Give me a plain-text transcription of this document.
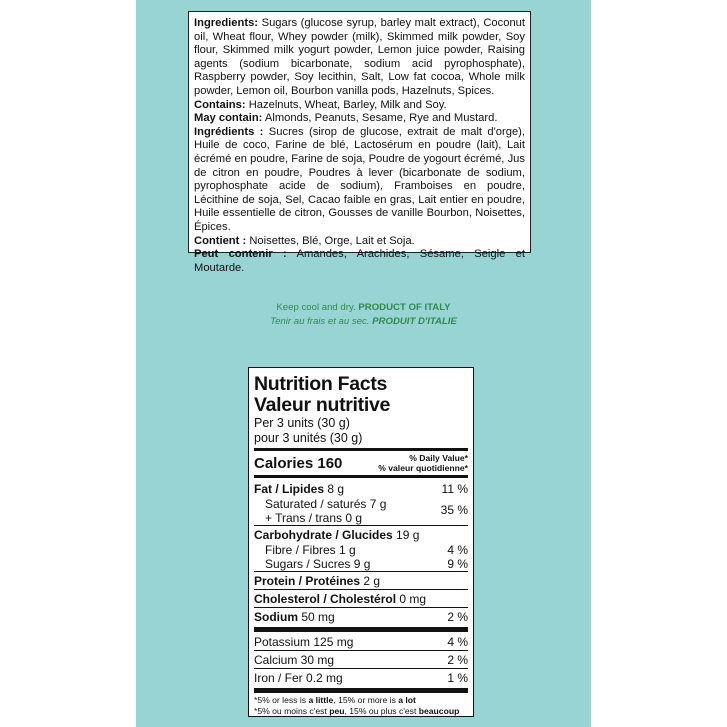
Ingredients: Sugars (glucose syrup, barley malt extract), Coconut oil, Wheat flour, Whey powder (milk), Skimmed milk powder, Soy flour, Skimmed milk yogurt powder, Lemon juice powder, Raising agents (sodium bicarbonate, sodium acid pyrophosphate), Raspberry powder, Soy lecithin, Salt, Low fat cocoa, Whole milk powder, Lemon oil, Bourbon vanilla pods, Hazelnuts, Spices.

Contains: Hazelnuts, Wheat, Barley, Milk and Soy.

May contain: Almonds, Peanuts, Sesame, Rye and Mustard.

Ingrédients : Sucres (sirop de glucose, extrait de malt d'orge), Huile de coco, Farine de blé, Lactosérum en poudre (lait), Lait écrémé en poudre, Farine de soja, Poudre de yogourt écrémé, Jus de citron en poudre, Poudres à lever (bicarbonate de sodium, pyrophosphate acide de sodium), Framboises en poudre, Lécithine de soja, Sel, Cacao faible en gras, Lait entier en poudre, Huile essentielle de citron, Gousses de vanille Bourbon, Noisettes, Épices.

Contient : Noisettes, Blé, Orge, Lait et Soja.

Peut contenir : Amandes, Arachides, Sésame, Seigle et Moutarde.

Keep cool and dry. PRODUCT OF ITALY
Tenir au frais et au sec. PRODUIT D'ITALIE
Nutrition Facts
Valeur nutritive
Per 3 units (30 g)
pour 3 unités (30 g)
Calories 160	% Daily Value*
% valeur quotidienne*
Fat / Lipides 8 g	11 %
Saturated / saturés 7 g	35 %
+ Trans / trans 0 g
Carbohydrate / Glucides 19 g
Fibre / Fibres 1 g	4 %
Sugars / Sucres 9 g	9 %
Protein / Protéines 2 g
Cholesterol / Cholestérol 0 mg
Sodium 50 mg	2 %
Potassium 125 mg	4 %
Calcium 30 mg	2 %
Iron / Fer 0.2 mg	1 %
*5% or less is a little, 15% or more is a lot
*5% ou moins c'est peu, 15% ou plus c'est beaucoup
